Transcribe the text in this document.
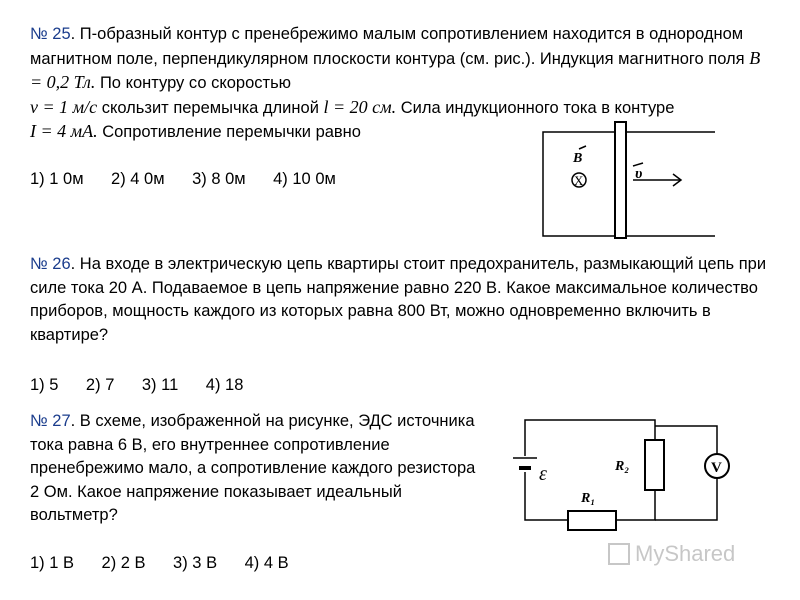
№ 25. П-образный контур с пренебрежимо малым сопротивлением находится в однородном магнитном поле, перпендикулярном плоскости контура (см. рис.). Индукция магнитного поля B = 0,2 Тл. По контуру со скоростью
v = 1 м/с скользит перемычка длиной l = 20 см. Сила индукционного тока в контуре
I = 4 мА. Сопротивление перемычки равно
1) 1 0м      2) 4 0м      3) 8 0м      4) 10 0м
B
X	υ
№ 26. На входе в электрическую цепь квартиры стоит предохранитель, размыкающий цепь при силе тока 20 А. Подаваемое в цепь напряжение равно 220 В. Какое максимальное количество приборов, мощность каждого из которых равна 800 Вт, можно одновременно включить в квартире?
1) 5      2) 7      3) 11      4) 18
№ 27. В схеме, изображенной на рисунке, ЭДС источника тока равна 6 В, его внутреннее сопротивление пренебрежимо мало, а сопротивление каждого резистора 2 Ом. Какое напряжение показывает идеальный вольтметр?
1) 1 В      2) 2 В      3) 3 В      4) 4 В
V
ε	R₂
R₁
MyShared
